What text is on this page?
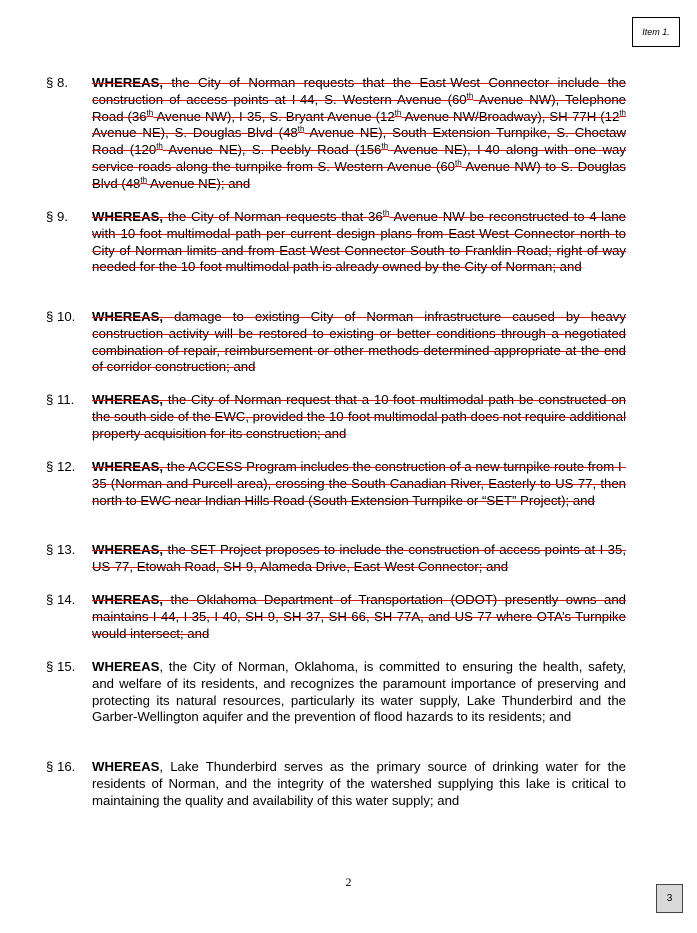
Item 1.
§ 8.	WHEREAS, the City of Norman requests that the East-West Connector include the construction of access points at I-44, S. Western Avenue (60th Avenue NW), Telephone Road (36th Avenue NW), I-35, S. Bryant Avenue (12th Avenue NW/Broadway), SH-77H (12th Avenue NE), S. Douglas Blvd (48th Avenue NE), South Extension Turnpike, S. Choctaw Road (120th Avenue NE), S. Peebly Road (156th Avenue NE), I-40 along with one way service roads along the turnpike from S. Western Avenue (60th Avenue NW) to S. Douglas Blvd (48th Avenue NE); and
§ 9.	WHEREAS, the City of Norman requests that 36th Avenue NW be reconstructed to 4-lane with 10-foot multimodal path per current design plans from East-West Connector north to City of Norman limits and from East-West Connector South to Franklin Road; right of way needed for the 10-foot multimodal path is already owned by the City of Norman; and
§ 10.	WHEREAS, damage to existing City of Norman infrastructure caused by heavy construction activity will be restored to existing or better conditions through a negotiated combination of repair, reimbursement or other methods determined appropriate at the end of corridor construction; and
§ 11.	WHEREAS, the City of Norman request that a 10-foot multimodal path be constructed on the south side of the EWC, provided the 10-foot multimodal path does not require additional property acquisition for its construction; and
§ 12.	WHEREAS, the ACCESS Program includes the construction of a new turnpike route from I-35 (Norman and Purcell area), crossing the South Canadian River, Easterly to US-77, then north to EWC near Indian Hills Road (South Extension Turnpike or “SET” Project); and
§ 13.	WHEREAS, the SET Project proposes to include the construction of access points at I-35, US-77, Etowah Road, SH-9, Alameda Drive, East-West Connector; and
§ 14.	WHEREAS, the Oklahoma Department of Transportation (ODOT) presently owns and maintains I-44, I-35, I-40, SH-9, SH-37, SH-66, SH-77A, and US-77 where OTA’s Turnpike would intersect; and
§ 15.	WHEREAS, the City of Norman, Oklahoma, is committed to ensuring the health, safety, and welfare of its residents, and recognizes the paramount importance of preserving and protecting its natural resources, particularly its water supply, Lake Thunderbird and the Garber-Wellington aquifer and the prevention of flood hazards to its residents; and
§ 16.	WHEREAS, Lake Thunderbird serves as the primary source of drinking water for the residents of Norman, and the integrity of the watershed supplying this lake is critical to maintaining the quality and availability of this water supply; and
2
3
